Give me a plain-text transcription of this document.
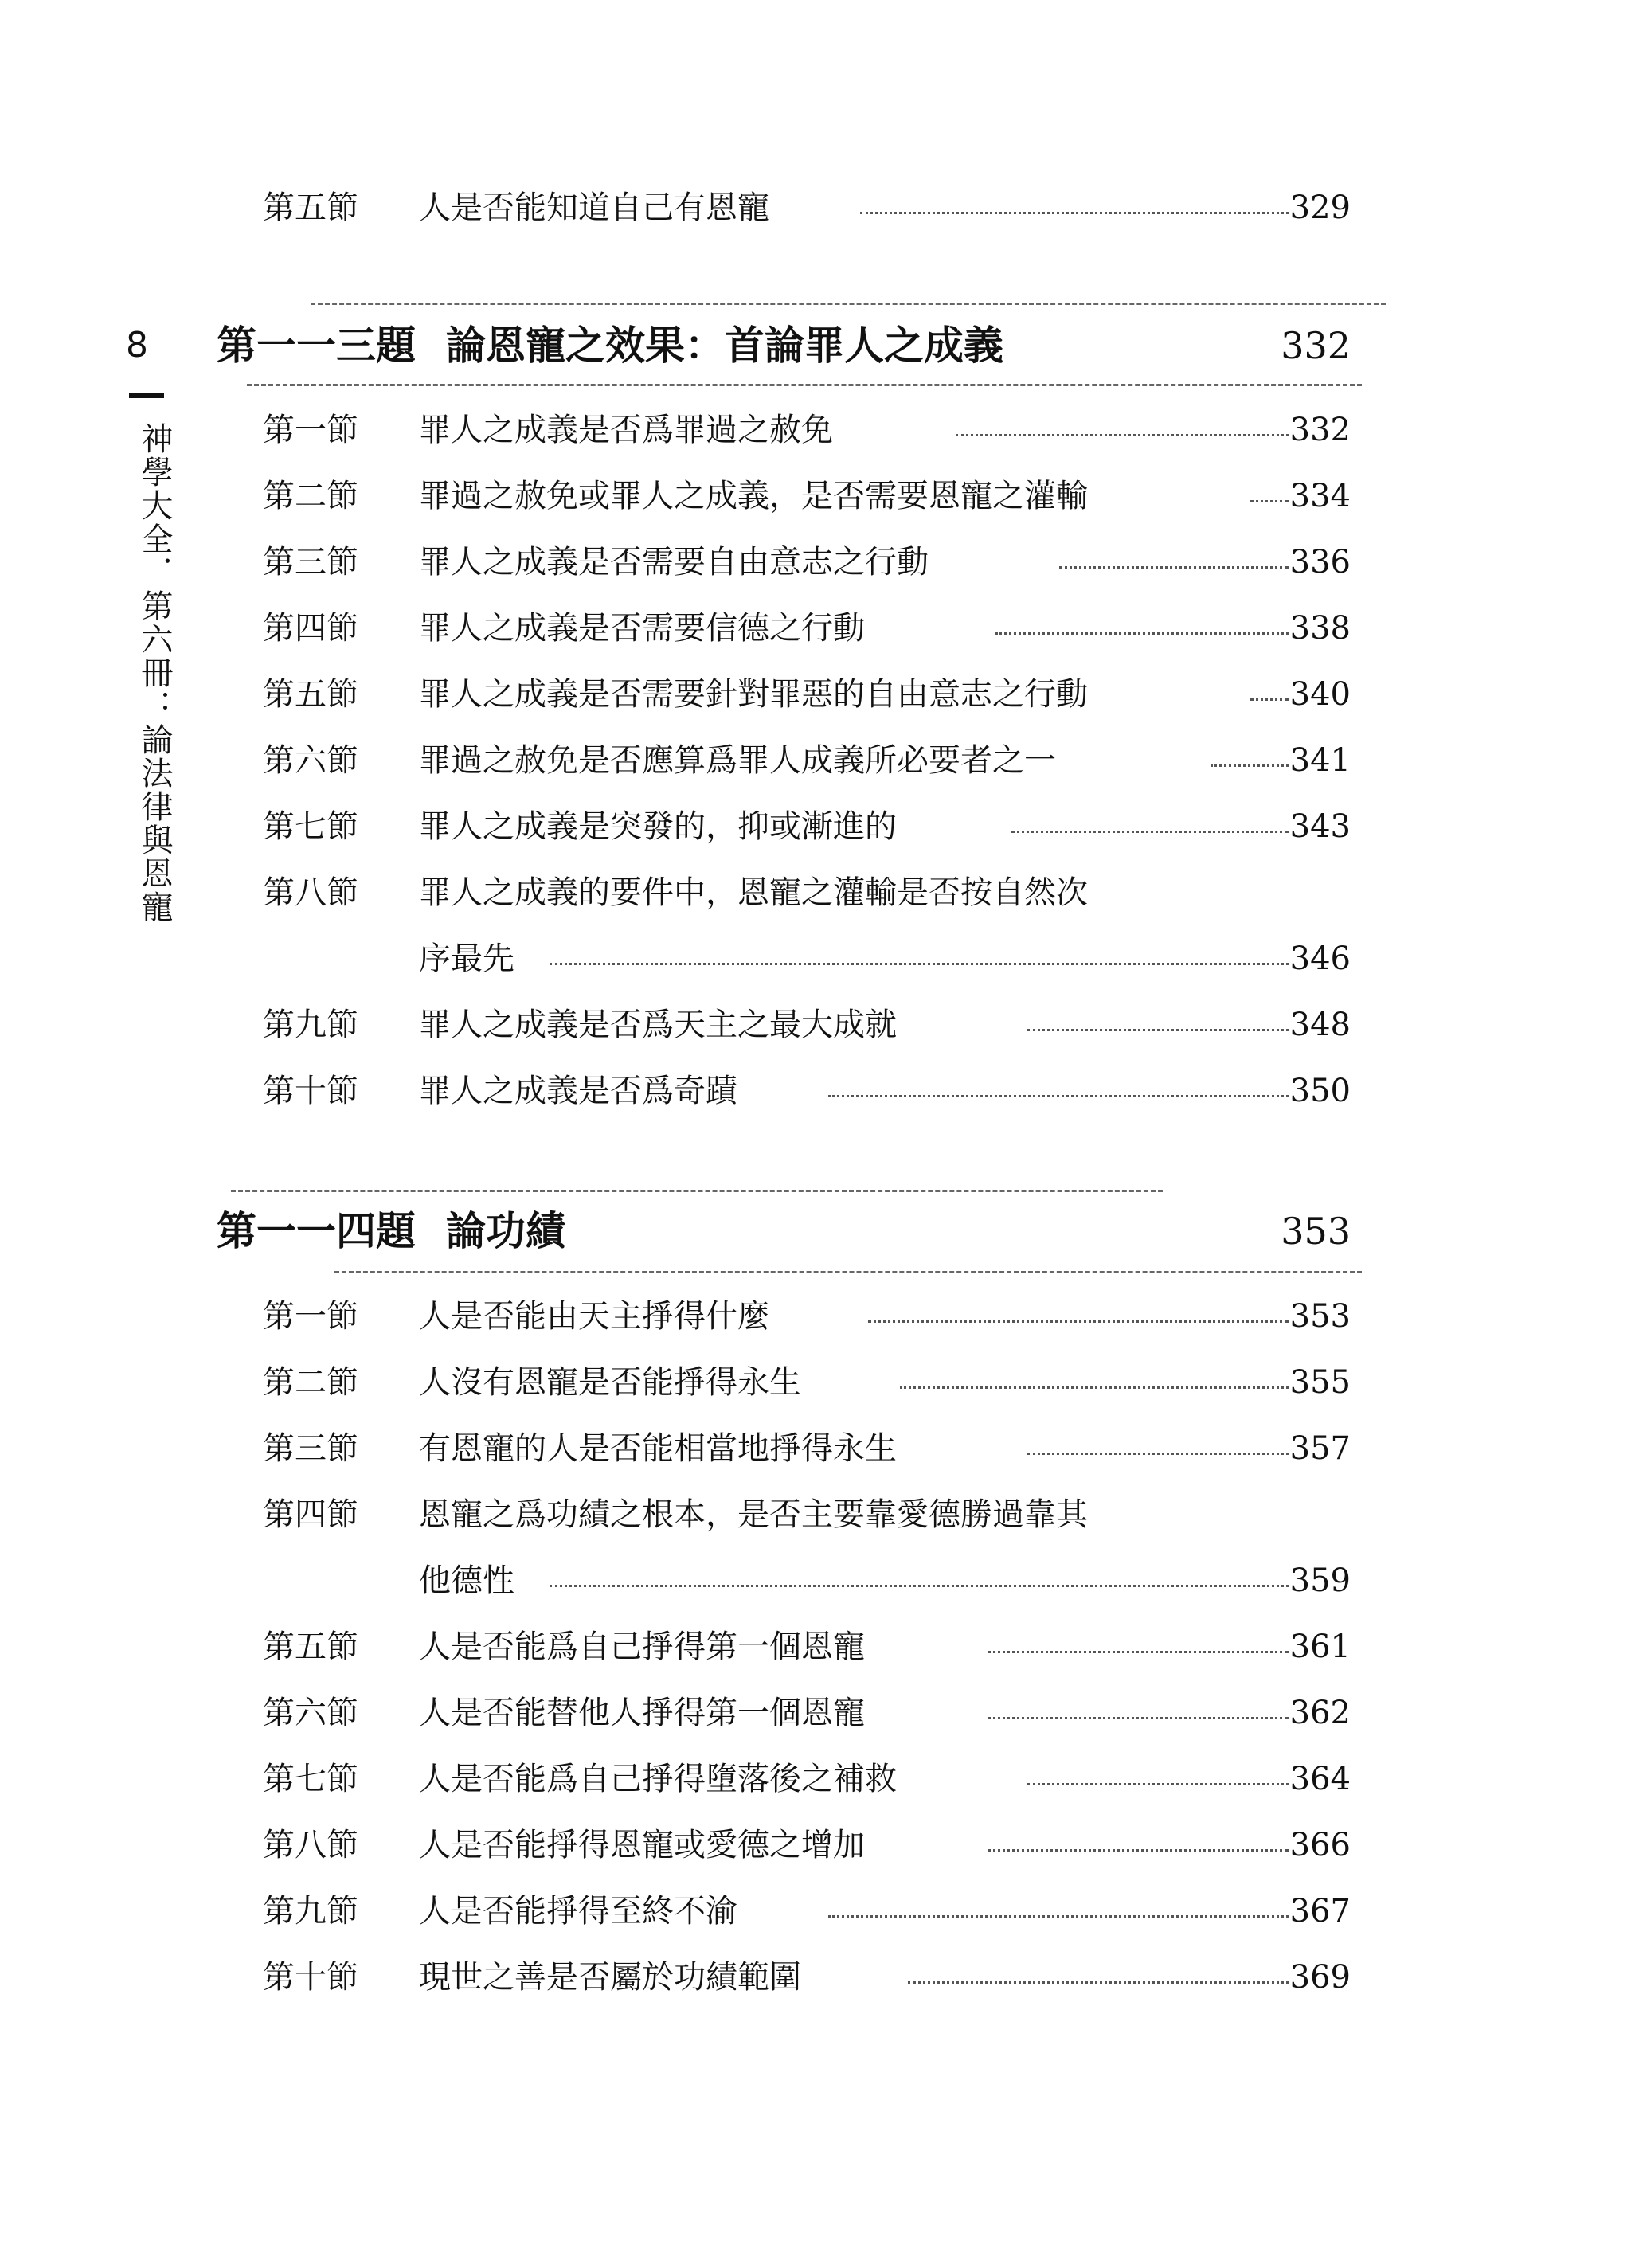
8
神學大全．第六冊：論法律與恩寵
第五節 人是否能知道自己有恩寵	329
第一一三題 論恩寵之效果：首論罪人之成義	332
第一節 罪人之成義是否爲罪過之赦免	332
第二節 罪過之赦免或罪人之成義，是否需要恩寵之灌輸	334
第三節 罪人之成義是否需要自由意志之行動	336
第四節 罪人之成義是否需要信德之行動	338
第五節 罪人之成義是否需要針對罪惡的自由意志之行動	340
第六節 罪過之赦免是否應算爲罪人成義所必要者之一	341
第七節 罪人之成義是突發的，抑或漸進的	343
第八節 罪人之成義的要件中，恩寵之灌輸是否按自然次
序最先	346
第九節 罪人之成義是否爲天主之最大成就	348
第十節 罪人之成義是否爲奇蹟	350
第一一四題 論功績	353
第一節 人是否能由天主掙得什麼	353
第二節 人沒有恩寵是否能掙得永生	355
第三節 有恩寵的人是否能相當地掙得永生	357
第四節 恩寵之爲功績之根本，是否主要靠愛德勝過靠其
他德性	359
第五節 人是否能爲自己掙得第一個恩寵	361
第六節 人是否能替他人掙得第一個恩寵	362
第七節 人是否能爲自己掙得墮落後之補救	364
第八節 人是否能掙得恩寵或愛德之增加	366
第九節 人是否能掙得至終不渝	367
第十節 現世之善是否屬於功績範圍	369
